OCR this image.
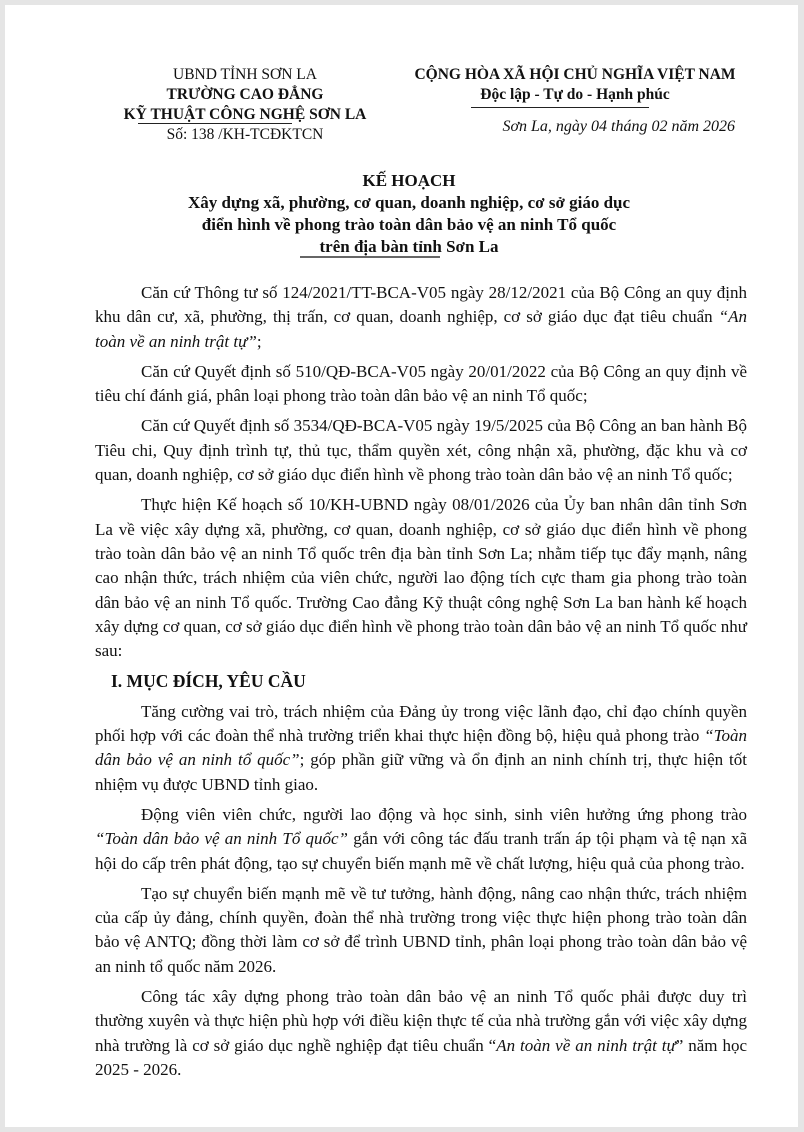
UBND TỈNH SƠN LA
TRƯỜNG CAO ĐẲNG
KỸ THUẬT CÔNG NGHỆ SƠN LA
Số: 138 /KH-TCĐKTCN
CỘNG HÒA XÃ HỘI CHỦ NGHĨA VIỆT NAM
Độc lập - Tự do - Hạnh phúc
Sơn La, ngày 04 tháng 02 năm 2026
KẾ HOẠCH
Xây dựng xã, phường, cơ quan, doanh nghiệp, cơ sở giáo dục
điển hình về phong trào toàn dân bảo vệ an ninh Tổ quốc
trên địa bàn tỉnh Sơn La

Căn cứ Thông tư số 124/2021/TT-BCA-V05 ngày 28/12/2021 của Bộ Công an quy định khu dân cư, xã, phường, thị trấn, cơ quan, doanh nghiệp, cơ sở giáo dục đạt tiêu chuẩn “An toàn về an ninh trật tự”;

Căn cứ Quyết định số 510/QĐ-BCA-V05 ngày 20/01/2022 của Bộ Công an quy định về tiêu chí đánh giá, phân loại phong trào toàn dân bảo vệ an ninh Tổ quốc;

Căn cứ Quyết định số 3534/QĐ-BCA-V05 ngày 19/5/2025 của Bộ Công an ban hành Bộ Tiêu chi, Quy định trình tự, thủ tục, thẩm quyền xét, công nhận xã, phường, đặc khu và cơ quan, doanh nghiệp, cơ sở giáo dục điển hình về phong trào toàn dân bảo vệ an ninh Tổ quốc;

Thực hiện Kế hoạch số 10/KH-UBND ngày 08/01/2026 của Ủy ban nhân dân tỉnh Sơn La về việc xây dựng xã, phường, cơ quan, doanh nghiệp, cơ sở giáo dục điển hình về phong trào toàn dân bảo vệ an ninh Tổ quốc trên địa bàn tỉnh Sơn La; nhằm tiếp tục đẩy mạnh, nâng cao nhận thức, trách nhiệm của viên chức, người lao động tích cực tham gia phong trào toàn dân bảo vệ an ninh Tổ quốc. Trường Cao đẳng Kỹ thuật công nghệ Sơn La ban hành kế hoạch xây dựng cơ quan, cơ sở giáo dục điển hình về phong trào toàn dân bảo vệ an ninh Tổ quốc như sau:

I. MỤC ĐÍCH, YÊU CẦU

Tăng cường vai trò, trách nhiệm của Đảng ủy trong việc lãnh đạo, chỉ đạo chính quyền phối hợp với các đoàn thể nhà trường triển khai thực hiện đồng bộ, hiệu quả phong trào “Toàn dân bảo vệ an ninh tổ quốc”; góp phần giữ vững và ổn định an ninh chính trị, thực hiện tốt nhiệm vụ được UBND tỉnh giao.

Động viên viên chức, người lao động và học sinh, sinh viên hưởng ứng phong trào “Toàn dân bảo vệ an ninh Tổ quốc” gắn với công tác đấu tranh trấn áp tội phạm và tệ nạn xã hội do cấp trên phát động, tạo sự chuyển biến mạnh mẽ về chất lượng, hiệu quả của phong trào.

Tạo sự chuyển biến mạnh mẽ về tư tưởng, hành động, nâng cao nhận thức, trách nhiệm của cấp ủy đảng, chính quyền, đoàn thể nhà trường trong việc thực hiện phong trào toàn dân bảo vệ ANTQ; đồng thời làm cơ sở để trình UBND tỉnh, phân loại phong trào toàn dân bảo vệ an ninh tổ quốc năm 2026.

Công tác xây dựng phong trào toàn dân bảo vệ an ninh Tổ quốc phải được duy trì thường xuyên và thực hiện phù hợp với điều kiện thực tế của nhà trường gắn với việc xây dựng nhà trường là cơ sở giáo dục nghề nghiệp đạt tiêu chuẩn “An toàn về an ninh trật tự” năm học 2025 - 2026.
